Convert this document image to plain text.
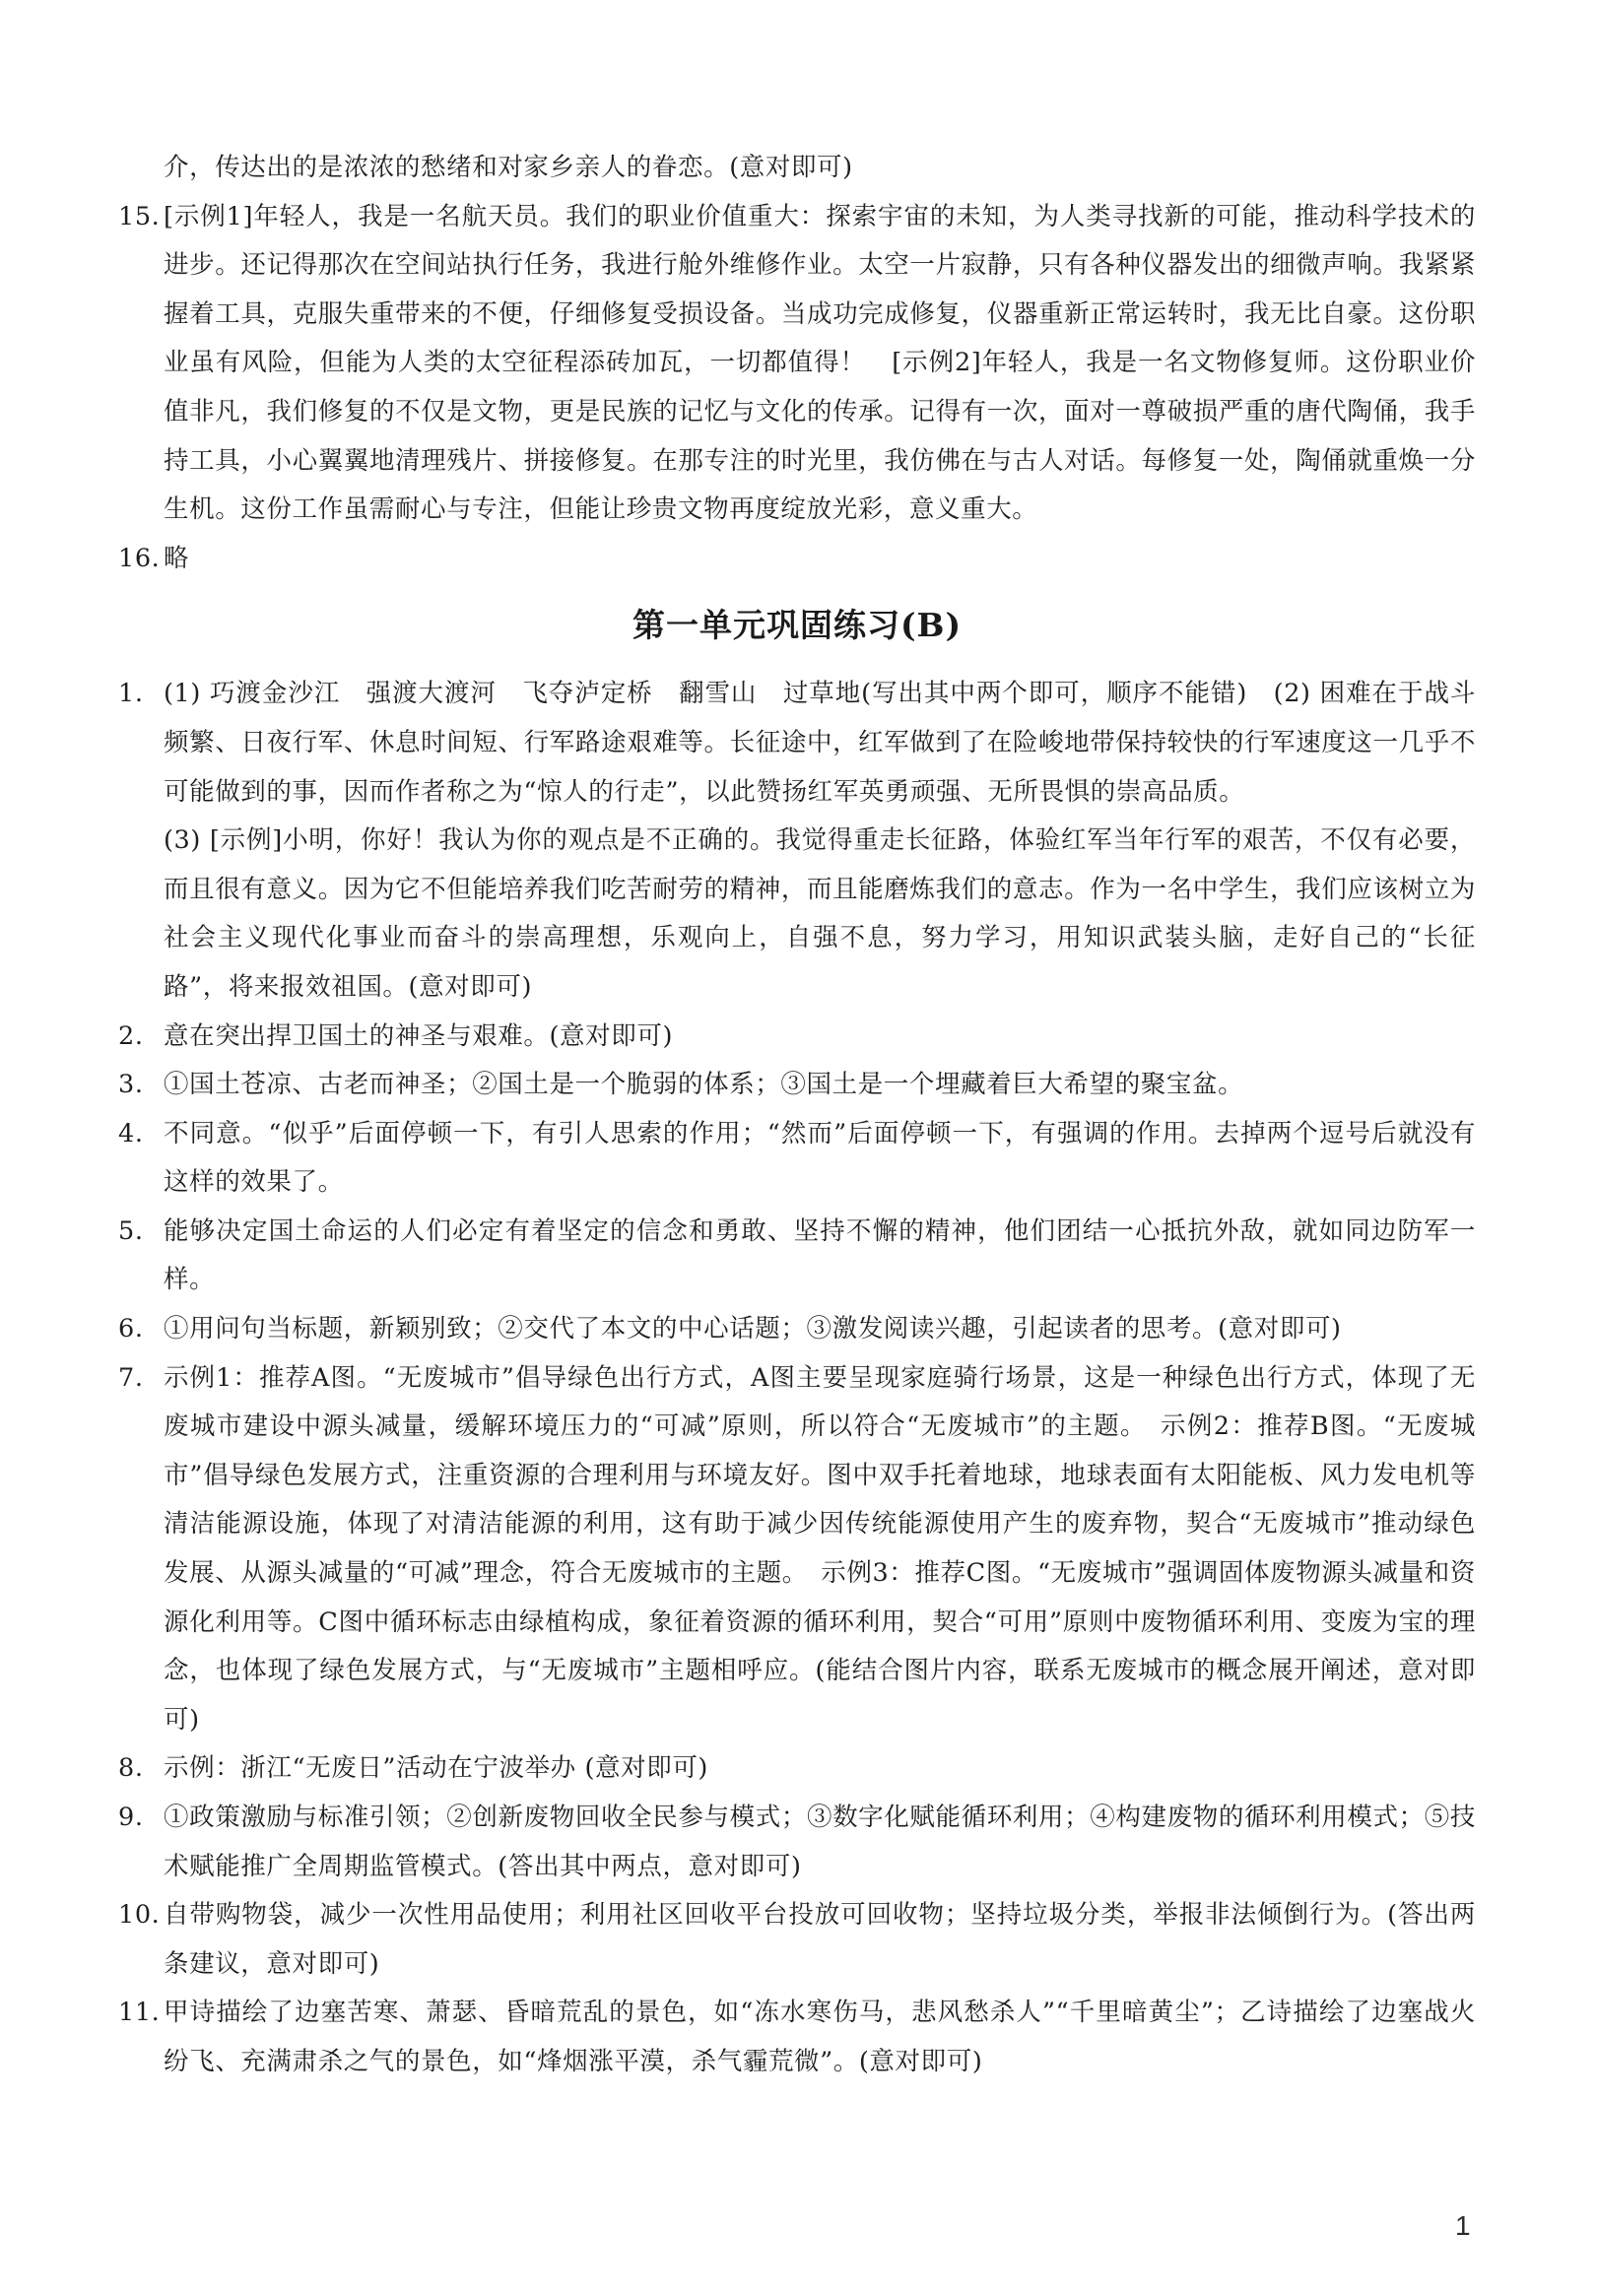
介，传达出的是浓浓的愁绪和对家乡亲人的眷恋。(意对即可)

15. [示例1]年轻人，我是一名航天员。我们的职业价值重大：探索宇宙的未知，为人类寻找新的可能，推动科学技术的进步。还记得那次在空间站执行任务，我进行舱外维修作业。太空一片寂静，只有各种仪器发出的细微声响。我紧紧握着工具，克服失重带来的不便，仔细修复受损设备。当成功完成修复，仪器重新正常运转时，我无比自豪。这份职业虽有风险，但能为人类的太空征程添砖加瓦，一切都值得！　[示例2]年轻人，我是一名文物修复师。这份职业价值非凡，我们修复的不仅是文物，更是民族的记忆与文化的传承。记得有一次，面对一尊破损严重的唐代陶俑，我手持工具，小心翼翼地清理残片、拼接修复。在那专注的时光里，我仿佛在与古人对话。每修复一处，陶俑就重焕一分生机。这份工作虽需耐心与专注，但能让珍贵文物再度绽放光彩，意义重大。

16. 略

第一单元巩固练习(B)

1. (1) 巧渡金沙江　强渡大渡河　飞夺泸定桥　翻雪山　过草地(写出其中两个即可，顺序不能错)　(2) 困难在于战斗频繁、日夜行军、休息时间短、行军路途艰难等。长征途中，红军做到了在险峻地带保持较快的行军速度这一几乎不可能做到的事，因而作者称之为“惊人的行走”，以此赞扬红军英勇顽强、无所畏惧的崇高品质。

(3) [示例]小明，你好！我认为你的观点是不正确的。我觉得重走长征路，体验红军当年行军的艰苦，不仅有必要，而且很有意义。因为它不但能培养我们吃苦耐劳的精神，而且能磨炼我们的意志。作为一名中学生，我们应该树立为社会主义现代化事业而奋斗的崇高理想，乐观向上，自强不息，努力学习，用知识武装头脑，走好自己的“长征路”，将来报效祖国。(意对即可)

2. 意在突出捍卫国土的神圣与艰难。(意对即可)

3. ①国土苍凉、古老而神圣；②国土是一个脆弱的体系；③国土是一个埋藏着巨大希望的聚宝盆。

4. 不同意。“似乎”后面停顿一下，有引人思索的作用；“然而”后面停顿一下，有强调的作用。去掉两个逗号后就没有这样的效果了。

5. 能够决定国土命运的人们必定有着坚定的信念和勇敢、坚持不懈的精神，他们团结一心抵抗外敌，就如同边防军一样。

6. ①用问句当标题，新颖别致；②交代了本文的中心话题；③激发阅读兴趣，引起读者的思考。(意对即可)

7. 示例1：推荐A图。“无废城市”倡导绿色出行方式，A图主要呈现家庭骑行场景，这是一种绿色出行方式，体现了无废城市建设中源头减量，缓解环境压力的“可减”原则，所以符合“无废城市”的主题。　示例2：推荐B图。“无废城市”倡导绿色发展方式，注重资源的合理利用与环境友好。图中双手托着地球，地球表面有太阳能板、风力发电机等清洁能源设施，体现了对清洁能源的利用，这有助于减少因传统能源使用产生的废弃物，契合“无废城市”推动绿色发展、从源头减量的“可减”理念，符合无废城市的主题。　示例3：推荐C图。“无废城市”强调固体废物源头减量和资源化利用等。C图中循环标志由绿植构成，象征着资源的循环利用，契合“可用”原则中废物循环利用、变废为宝的理念，也体现了绿色发展方式，与“无废城市”主题相呼应。(能结合图片内容，联系无废城市的概念展开阐述，意对即可)

8. 示例：浙江“无废日”活动在宁波举办 (意对即可)

9. ①政策激励与标准引领；②创新废物回收全民参与模式；③数字化赋能循环利用；④构建废物的循环利用模式；⑤技术赋能推广全周期监管模式。(答出其中两点，意对即可)

10. 自带购物袋，减少一次性用品使用；利用社区回收平台投放可回收物；坚持垃圾分类，举报非法倾倒行为。(答出两条建议，意对即可)

11. 甲诗描绘了边塞苦寒、萧瑟、昏暗荒乱的景色，如“冻水寒伤马，悲风愁杀人”“千里暗黄尘”；乙诗描绘了边塞战火纷飞、充满肃杀之气的景色，如“烽烟涨平漠，杀气霾荒微”。(意对即可)

1
